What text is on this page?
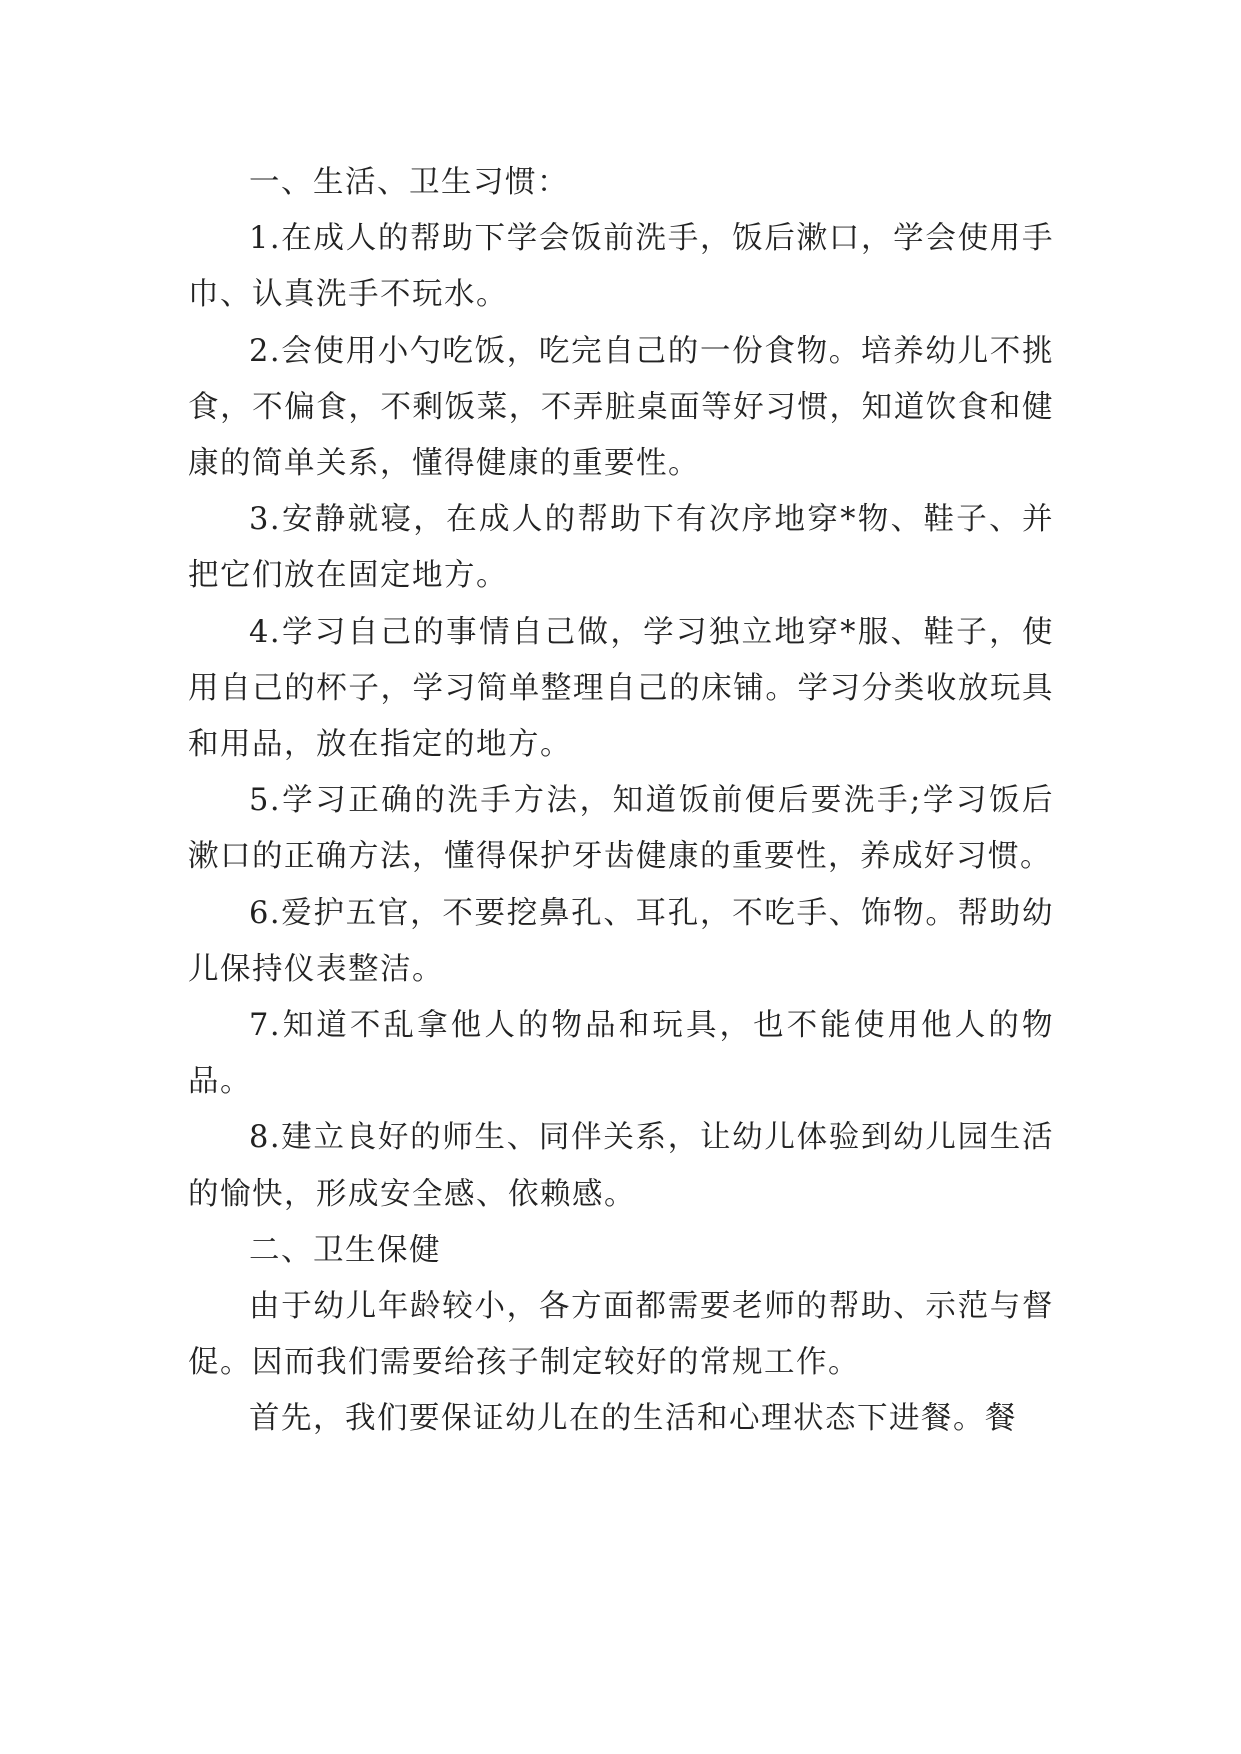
一、生活、卫生习惯：

1.在成人的帮助下学会饭前洗手，饭后漱口，学会使用手巾、认真洗手不玩水。

2.会使用小勺吃饭，吃完自己的一份食物。培养幼儿不挑食，不偏食，不剩饭菜，不弄脏桌面等好习惯，知道饮食和健康的简单关系，懂得健康的重要性。

3.安静就寝，在成人的帮助下有次序地穿*物、鞋子、并把它们放在固定地方。

4.学习自己的事情自己做，学习独立地穿*服、鞋子，使用自己的杯子，学习简单整理自己的床铺。学习分类收放玩具和用品，放在指定的地方。

5.学习正确的洗手方法，知道饭前便后要洗手;学习饭后漱口的正确方法，懂得保护牙齿健康的重要性，养成好习惯。

6.爱护五官，不要挖鼻孔、耳孔，不吃手、饰物。帮助幼儿保持仪表整洁。

7.知道不乱拿他人的物品和玩具，也不能使用他人的物品。

8.建立良好的师生、同伴关系，让幼儿体验到幼儿园生活的愉快，形成安全感、依赖感。

二、卫生保健

由于幼儿年龄较小，各方面都需要老师的帮助、示范与督促。因而我们需要给孩子制定较好的常规工作。

首先，我们要保证幼儿在的生活和心理状态下进餐。餐
